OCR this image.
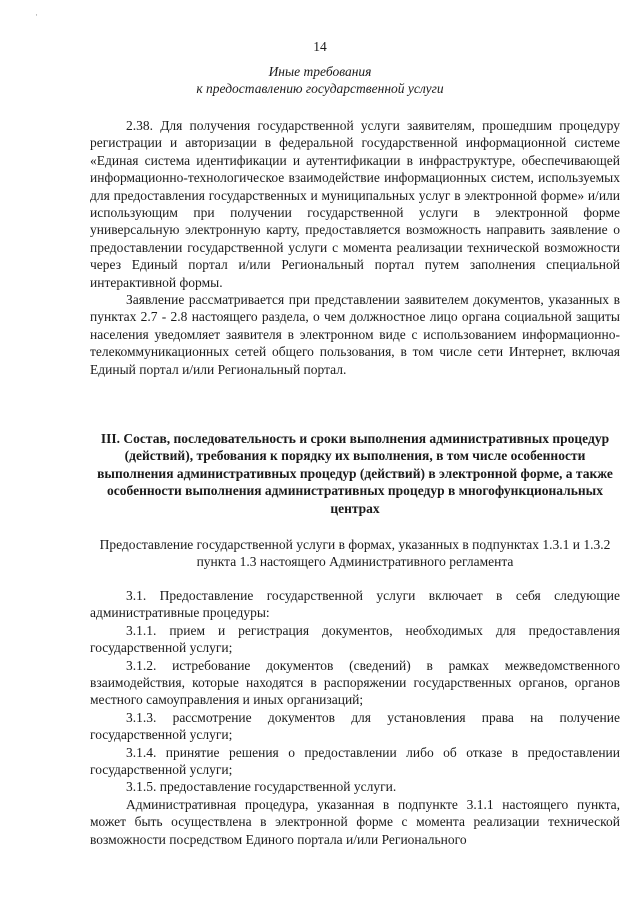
·
14
Иные требования
к предоставлению государственной услуги

2.38. Для получения государственной услуги заявителям, прошедшим процедуру регистрации и авторизации в федеральной государственной информационной системе «Единая система идентификации и аутентификации в инфраструктуре, обеспечивающей информационно-технологическое взаимодействие информационных систем, используемых для предоставления государственных и муниципальных услуг в электронной форме» и/или использующим при получении государственной услуги в электронной форме универсальную электронную карту, предоставляется возможность направить заявление о предоставлении государственной услуги с момента реализации технической возможности через Единый портал и/или Региональный портал путем заполнения специальной интерактивной формы.

Заявление рассматривается при представлении заявителем документов, указанных в пунктах 2.7 - 2.8 настоящего раздела, о чем должностное лицо органа социальной защиты населения уведомляет заявителя в электронном виде с использованием информационно-телекоммуникационных сетей общего пользования, в том числе сети Интернет, включая Единый портал и/или Региональный портал.

III. Состав, последовательность и сроки выполнения административных процедур (действий), требования к порядку их выполнения, в том числе особенности выполнения административных процедур (действий) в электронной форме, а также особенности выполнения административных процедур в многофункциональных центрах
Предоставление государственной услуги в формах, указанных в подпунктах 1.3.1 и 1.3.2 пункта 1.3 настоящего Административного регламента

3.1. Предоставление государственной услуги включает в себя следующие административные процедуры:

3.1.1. прием и регистрация документов, необходимых для предоставления государственной услуги;

3.1.2. истребование документов (сведений) в рамках межведомственного взаимодействия, которые находятся в распоряжении государственных органов, органов местного самоуправления и иных организаций;

3.1.3. рассмотрение документов для установления права на получение государственной услуги;

3.1.4. принятие решения о предоставлении либо об отказе в предоставлении государственной услуги;

3.1.5. предоставление государственной услуги.

Административная процедура, указанная в подпункте 3.1.1 настоящего пункта, может быть осуществлена в электронной форме с момента реализации технической возможности посредством Единого портала и/или Регионального
